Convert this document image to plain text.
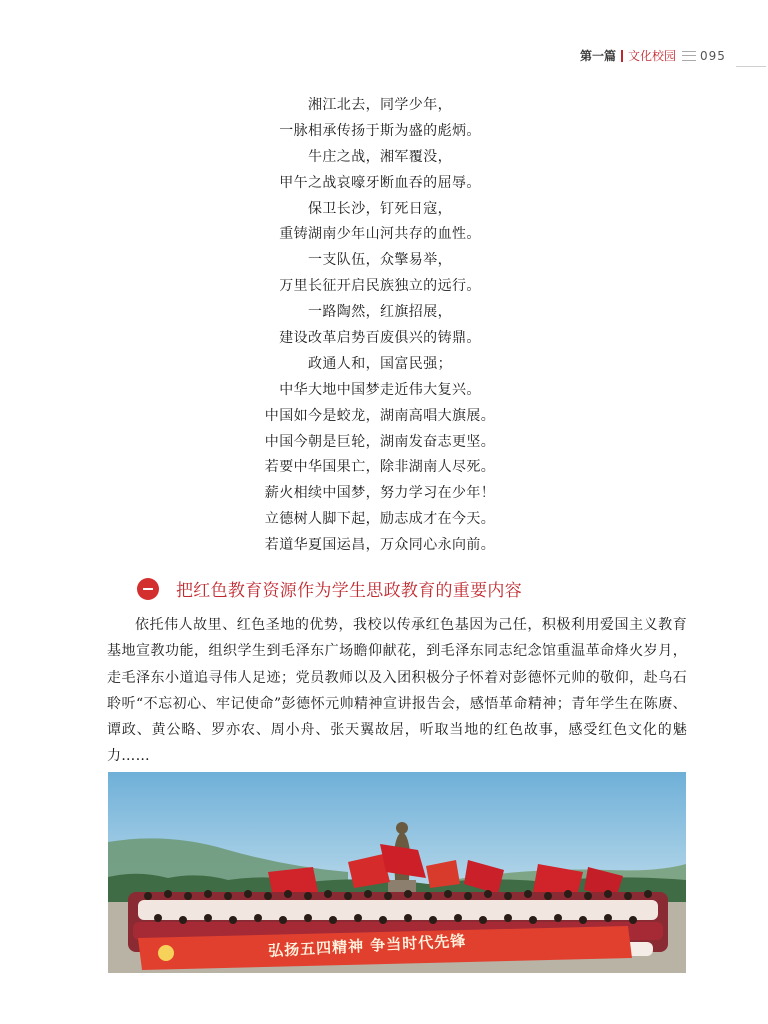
第一篇 文化校园 095
湘江北去，同学少年，
一脉相承传扬于斯为盛的彪炳。
牛庄之战，湘军覆没，
甲午之战哀嚎牙断血吞的屈辱。
保卫长沙，钉死日寇，
重铸湖南少年山河共存的血性。
一支队伍，众擎易举，
万里长征开启民族独立的远行。
一路陶然，红旗招展，
建设改革启势百废俱兴的铸鼎。
政通人和，国富民强；
中华大地中国梦走近伟大复兴。
中国如今是蛟龙，湖南高唱大旗展。
中国今朝是巨轮，湖南发奋志更坚。
若要中华国果亡，除非湖南人尽死。
薪火相续中国梦，努力学习在少年！
立德树人脚下起，励志成才在今天。
若道华夏国运昌，万众同心永向前。
把红色教育资源作为学生思政教育的重要内容

依托伟人故里、红色圣地的优势，我校以传承红色基因为己任，积极利用爱国主义教育基地宣教功能，组织学生到毛泽东广场瞻仰献花，到毛泽东同志纪念馆重温革命烽火岁月，走毛泽东小道追寻伟人足迹；党员教师以及入团积极分子怀着对彭德怀元帅的敬仰，赴乌石聆听“不忘初心、牢记使命”彭德怀元帅精神宣讲报告会，感悟革命精神；青年学生在陈赓、谭政、黄公略、罗亦农、周小舟、张天翼故居，听取当地的红色故事，感受红色文化的魅力……

弘扬五四精神 争当时代先锋
